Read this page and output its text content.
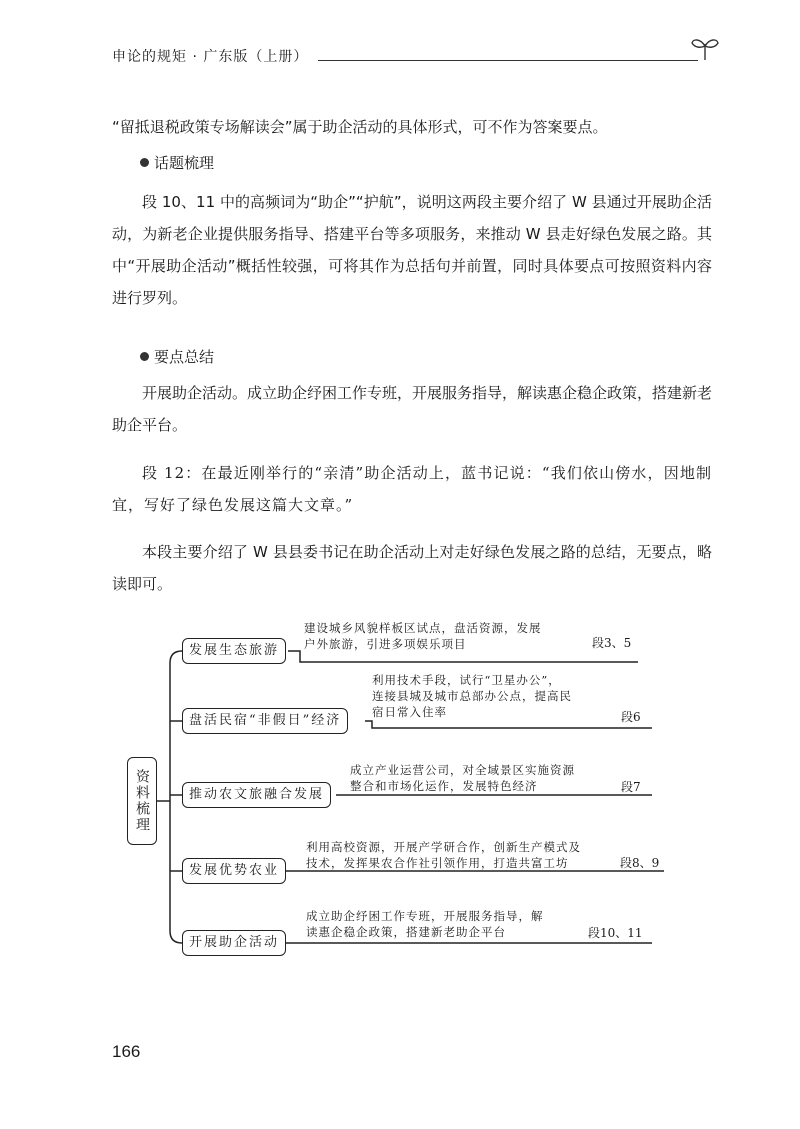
申论的规矩 · 广东版（上册）

“留抵退税政策专场解读会”属于助企活动的具体形式，可不作为答案要点。

话题梳理

段 10、11 中的高频词为“助企”“护航”，说明这两段主要介绍了 W 县通过开展助企活动，为新老企业提供服务指导、搭建平台等多项服务，来推动 W 县走好绿色发展之路。其中“开展助企活动”概括性较强，可将其作为总括句并前置，同时具体要点可按照资料内容进行罗列。

要点总结

开展助企活动。成立助企纾困工作专班，开展服务指导，解读惠企稳企政策，搭建新老助企平台。

段 12：在最近刚举行的“亲清”助企活动上，蓝书记说：“我们依山傍水，因地制宜，写好了绿色发展这篇大文章。”

本段主要介绍了 W 县县委书记在助企活动上对走好绿色发展之路的总结，无要点，略读即可。

资料梳理
发展生态旅游
建设城乡风貌样板区试点，盘活资源，发展
户外旅游，引进多项娱乐项目	段3、5
盘活民宿“非假日”经济
利用技术手段，试行“卫星办公”，
连接县城及城市总部办公点，提高民
宿日常入住率	段6
推动农文旅融合发展
成立产业运营公司，对全域景区实施资源
整合和市场化运作，发展特色经济	段7
发展优势农业
利用高校资源，开展产学研合作，创新生产模式及
技术，发挥果农合作社引领作用，打造共富工坊	段8、9
开展助企活动
成立助企纾困工作专班，开展服务指导，解
读惠企稳企政策，搭建新老助企平台	段10、11
166
